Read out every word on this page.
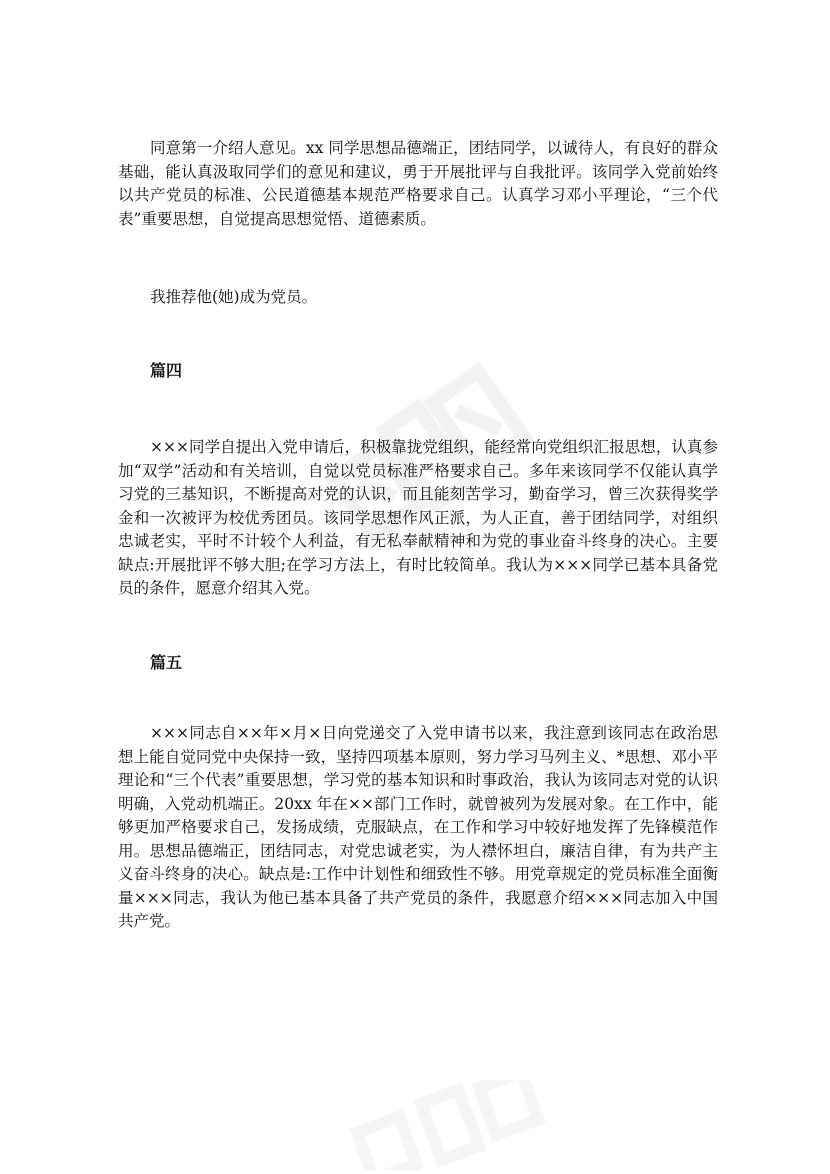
同意第一介绍人意见。xx 同学思想品德端正，团结同学，以诚待人，有良好的群众基础，能认真汲取同学们的意见和建议，勇于开展批评与自我批评。该同学入党前始终以共产党员的标准、公民道德基本规范严格要求自己。认真学习邓小平理论，“三个代表”重要思想，自觉提高思想觉悟、道德素质。

我推荐他(她)成为党员。

篇四

×××同学自提出入党申请后，积极靠拢党组织，能经常向党组织汇报思想，认真参加“双学”活动和有关培训，自觉以党员标准严格要求自己。多年来该同学不仅能认真学习党的三基知识，不断提高对党的认识，而且能刻苦学习，勤奋学习，曾三次获得奖学金和一次被评为校优秀团员。该同学思想作风正派，为人正直，善于团结同学，对组织忠诚老实，平时不计较个人利益，有无私奉献精神和为党的事业奋斗终身的决心。主要缺点:开展批评不够大胆;在学习方法上，有时比较简单。我认为×××同学已基本具备党员的条件，愿意介绍其入党。

篇五

×××同志自××年×月×日向党递交了入党申请书以来，我注意到该同志在政治思想上能自觉同党中央保持一致，坚持四项基本原则，努力学习马列主义、*思想、邓小平理论和“三个代表”重要思想，学习党的基本知识和时事政治，我认为该同志对党的认识明确，入党动机端正。20xx 年在××部门工作时，就曾被列为发展对象。在工作中，能够更加严格要求自己，发扬成绩，克服缺点，在工作和学习中较好地发挥了先锋模范作用。思想品德端正，团结同志，对党忠诚老实，为人襟怀坦白，廉洁自律，有为共产主义奋斗终身的决心。缺点是:工作中计划性和细致性不够。用党章规定的党员标准全面衡量×××同志，我认为他已基本具备了共产党员的条件，我愿意介绍×××同志加入中国共产党。
